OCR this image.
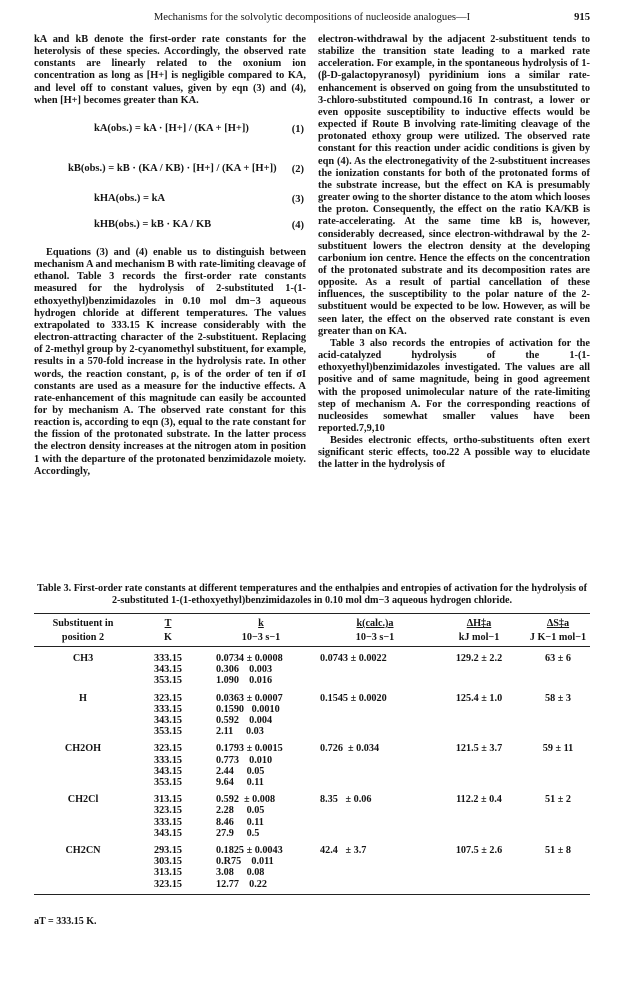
Mechanisms for the solvolytic decompositions of nucleoside analogues—I	915

kA and kB denote the first-order rate constants for the heterolysis of these species. Accordingly, the observed rate constants are linearly related to the oxonium ion concentration as long as [H+] is negligible compared to KA, and level off to constant values, given by eqn (3) and (4), when [H+] becomes greater than KA.

kA(obs.) = kA · [H+] / (KA + [H+])	(1)
kB(obs.) = kB · (KA / KB) · [H+] / (KA + [H+]) (2)
kHA(obs.) = kA	(3)
kHB(obs.) = kB · KA / KB	(4)

Equations (3) and (4) enable us to distinguish between mechanism A and mechanism B with rate-limiting cleavage of ethanol. Table 3 records the first-order rate constants measured for the hydrolysis of 2-substituted 1-(1-ethoxyethyl)benzimidazoles in 0.10 mol dm−3 aqueous hydrogen chloride at different temperatures. The values extrapolated to 333.15 K increase considerably with the electron-attracting character of the 2-substituent. Replacing of 2-methyl group by 2-cyanomethyl substituent, for example, results in a 570-fold increase in the hydrolysis rate. In other words, the reaction constant, ρ, is of the order of ten if σI constants are used as a measure for the inductive effects. A rate-enhancement of this magnitude can easily be accounted for by mechanism A. The observed rate constant for this reaction is, according to eqn (3), equal to the rate constant for the fission of the protonated substrate. In the latter process the electron density increases at the nitrogen atom in position 1 with the departure of the protonated benzimidazole moiety. Accordingly,

electron-withdrawal by the adjacent 2-substituent tends to stabilize the transition state leading to a marked rate acceleration. For example, in the spontaneous hydrolysis of 1-(β-D-galactopyranosyl) pyridinium ions a similar rate-enhancement is observed on going from the unsubstituted to 3-chloro-substituted compound.16 In contrast, a lower or even opposite susceptibility to inductive effects would be expected if Route B involving rate-limiting cleavage of the protonated ethoxy group were utilized. The observed rate constant for this reaction under acidic conditions is given by eqn (4). As the electronegativity of the 2-substituent increases the ionization constants for both of the protonated forms of the substrate increase, but the effect on KA is presumably greater owing to the shorter distance to the atom which looses the proton. Consequently, the effect on the ratio KA/KB is rate-accelerating. At the same time kB is, however, considerably decreased, since electron-withdrawal by the 2-substituent lowers the electron density at the developing carbonium ion centre. Hence the effects on the concentration of the protonated substrate and its decomposition rates are opposite. As a result of partial cancellation of these influences, the susceptibility to the polar nature of the 2-substituent would be expected to be low. However, as will be seen later, the effect on the observed rate constant is even greater than on KA.

Table 3 also records the entropies of activation for the acid-catalyzed hydrolysis of the 1-(1-ethoxyethyl)benzimidazoles investigated. The values are all positive and of same magnitude, being in good agreement with the proposed unimolecular nature of the rate-limiting step of mechanism A. For the corresponding reactions of nucleosides somewhat smaller values have been reported.7,9,10

Besides electronic effects, ortho-substituents often exert significant steric effects, too.22 A possible way to elucidate the latter in the hydrolysis of

Table 3. First-order rate constants at different temperatures and the enthalpies and entropies of activation for the hydrolysis of 2-substituted 1-(1-ethoxyethyl)benzimidazoles in 0.10 mol dm−3 aqueous hydrogen chloride.
Substituent in	T	k	k(calc.)a	ΔH‡a	ΔS‡a
position 2	K	10−3 s−1	10−3 s−1	kJ mol−1	J K−1 mol−1
CH3	333.15	0.0734 ± 0.0008	0.0743 ± 0.0022	129.2 ± 2.2	63 ± 6
	343.15	0.306    0.003			
	353.15	1.090    0.016			
H	323.15	0.0363 ± 0.0007	0.1545 ± 0.0020	125.4 ± 1.0	58 ± 3
	333.15	0.1590   0.0010			
	343.15	0.592    0.004			
	353.15	2.11     0.03			
CH2OH	323.15	0.1793 ± 0.0015	0.726  ± 0.034	121.5 ± 3.7	59 ± 11
	333.15	0.773    0.010			
	343.15	2.44     0.05			
	353.15	9.64     0.11			
CH2Cl	313.15	0.592  ± 0.008	8.35   ± 0.06	112.2 ± 0.4	51 ± 2
	323.15	2.28     0.05			
	333.15	8.46     0.11			
	343.15	27.9     0.5			
CH2CN	293.15	0.1825 ± 0.0043	42.4   ± 3.7	107.5 ± 2.6	51 ± 8
	303.15	0.R75    0.011			
	313.15	3.08     0.08			
	323.15	12.77    0.22			
aT = 333.15 K.
